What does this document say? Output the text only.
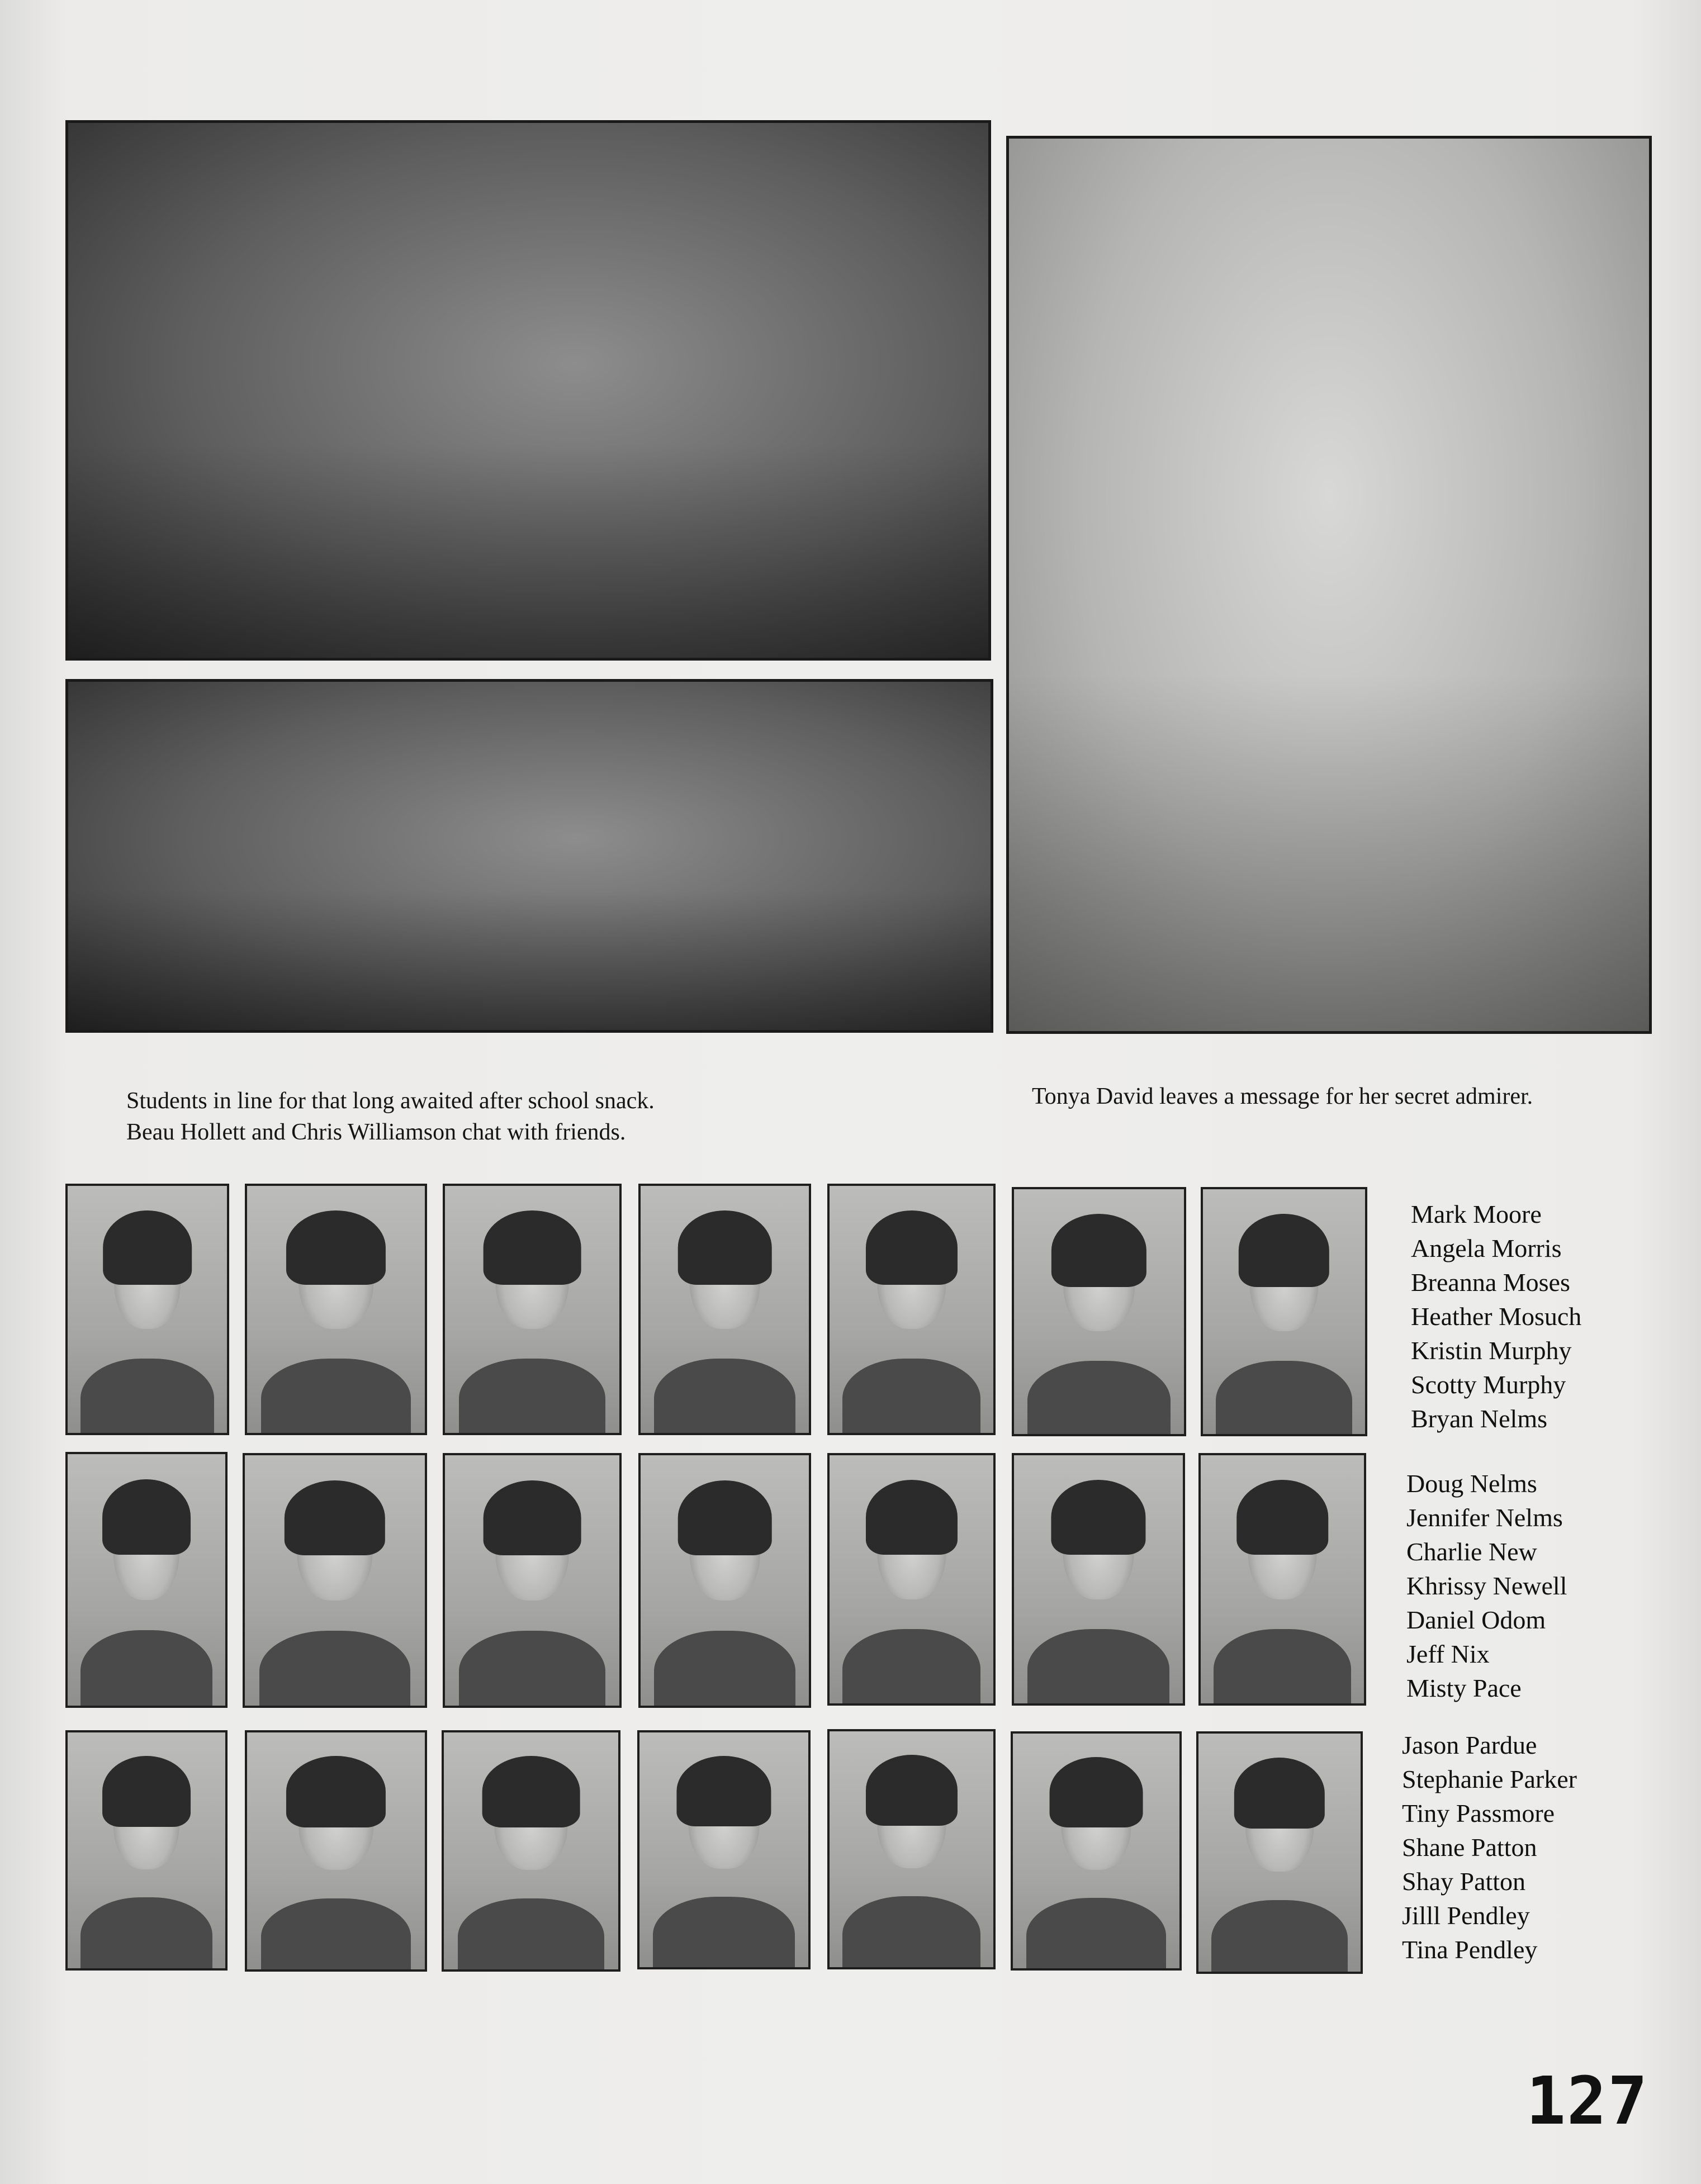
Students in line for that long awaited after school snack.
Beau Hollett and Chris Williamson chat with friends.
Tonya David leaves a message for her secret admirer.
Mark Moore
Angela Morris
Breanna Moses
Heather Mosuch
Kristin Murphy
Scotty Murphy
Bryan Nelms
Doug Nelms
Jennifer Nelms
Charlie New
Khrissy Newell
Daniel Odom
Jeff Nix
Misty Pace
Jason Pardue
Stephanie Parker
Tiny Passmore
Shane Patton
Shay Patton
Jilll Pendley
Tina Pendley
127
